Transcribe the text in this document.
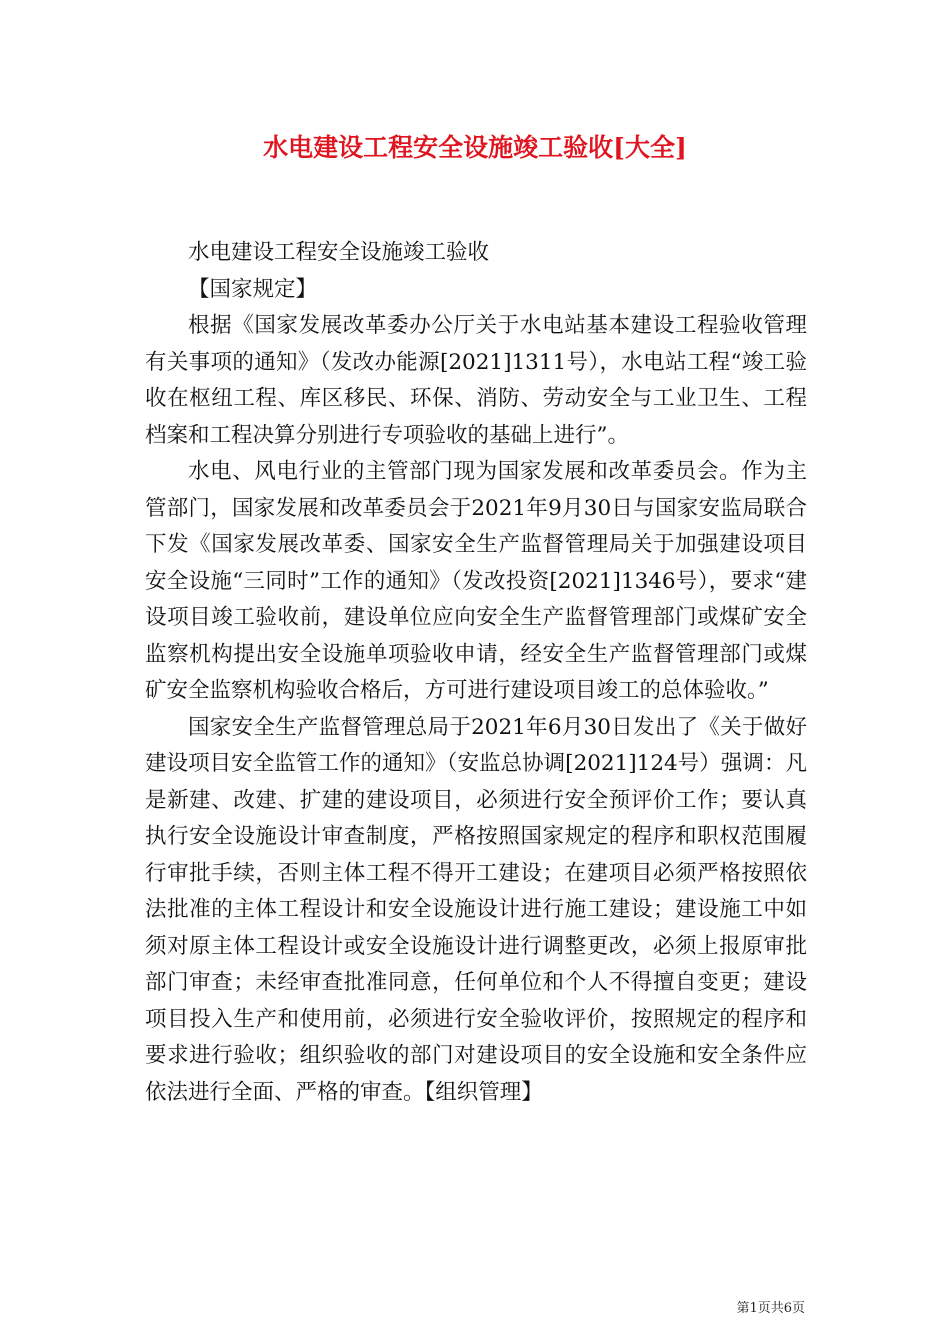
水电建设工程安全设施竣工验收[大全]

水电建设工程安全设施竣工验收

【国家规定】

根据《国家发展改革委办公厅关于水电站基本建设工程验收管理有关事项的通知》（发改办能源[2021]1311号），水电站工程“竣工验收在枢纽工程、库区移民、环保、消防、劳动安全与工业卫生、工程档案和工程决算分别进行专项验收的基础上进行”。

水电、风电行业的主管部门现为国家发展和改革委员会。作为主管部门，国家发展和改革委员会于2021年9月30日与国家安监局联合下发《国家发展改革委、国家安全生产监督管理局关于加强建设项目安全设施“三同时”工作的通知》（发改投资[2021]1346号），要求“建设项目竣工验收前，建设单位应向安全生产监督管理部门或煤矿安全监察机构提出安全设施单项验收申请，经安全生产监督管理部门或煤矿安全监察机构验收合格后，方可进行建设项目竣工的总体验收。”

国家安全生产监督管理总局于2021年6月30日发出了《关于做好建设项目安全监管工作的通知》（安监总协调[2021]124号）强调：凡是新建、改建、扩建的建设项目，必须进行安全预评价工作；要认真执行安全设施设计审查制度，严格按照国家规定的程序和职权范围履行审批手续，否则主体工程不得开工建设；在建项目必须严格按照依法批准的主体工程设计和安全设施设计进行施工建设；建设施工中如须对原主体工程设计或安全设施设计进行调整更改，必须上报原审批部门审查；未经审查批准同意，任何单位和个人不得擅自变更；建设项目投入生产和使用前，必须进行安全验收评价，按照规定的程序和要求进行验收；组织验收的部门对建设项目的安全设施和安全条件应依法进行全面、严格的审查。【组织管理】

第1页共6页
